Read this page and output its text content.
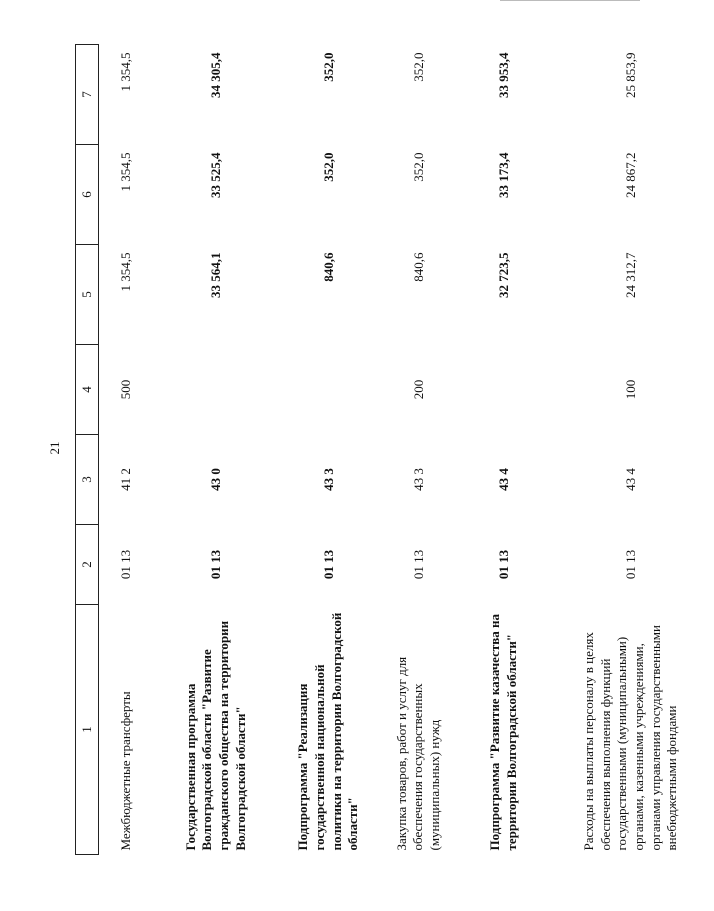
21
1	2	3	4	5	6	7
Межбюджетные трансферты	01 13	41 2	500	1 354,5	1 354,5	1 354,5
Государственная программа Волгоградской области "Развитие гражданского общества на территории Волгоградской области"	01 13	43 0		33 564,1	33 525,4	34 305,4
Подпрограмма "Реализация государственной национальной политики на территории Волгоградской области"	01 13	43 3		840,6	352,0	352,0
Закупка товаров, работ и услуг для обеспечения государственных (муниципальных) нужд	01 13	43 3	200	840,6	352,0	352,0
Подпрограмма "Развитие казачества на территории Волгоградской области"	01 13	43 4		32 723,5	33 173,4	33 953,4
Расходы на выплаты персоналу в целях обеспечения выполнения функций государственными (муниципальными) органами, казенными учреждениями, органами управления государственными внебюджетными фондами	01 13	43 4	100	24 312,7	24 867,2	25 853,9
